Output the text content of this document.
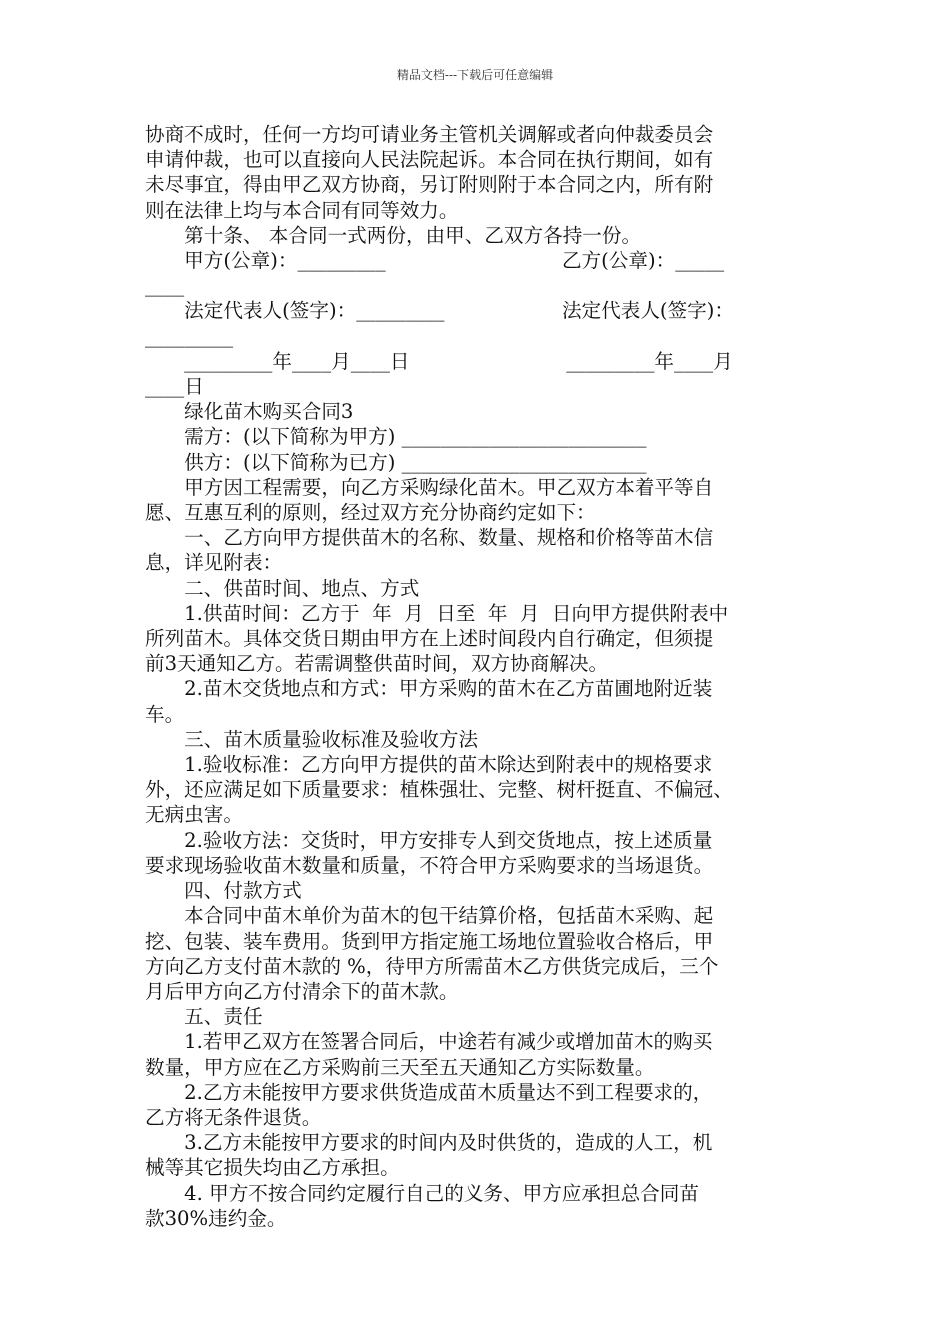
精品文档---下载后可任意编辑

协商不成时，任何一方均可请业务主管机关调解或者向仲裁委员会

申请仲裁，也可以直接向人民法院起诉。本合同在执行期间，如有

未尽事宜，得由甲乙双方协商，另订附则附于本合同之内，所有附

则在法律上均与本合同有同等效力。

　　第十条、 本合同一式两份，由甲、乙双方各持一份。

　　甲方(公章)：_________　　　　　　　　　乙方(公章)：_____

____

　　法定代表人(签字)：_________　　　　　　法定代表人(签字)：

_________

　　_________年____月____日　　　　　　　　_________年____月

____日

　　绿化苗木购买合同3

　　需方：(以下简称为甲方) _________________________

　　供方：(以下简称为已方) _________________________

　　甲方因工程需要，向乙方采购绿化苗木。甲乙双方本着平等自

愿、互惠互利的原则，经过双方充分协商约定如下：

　　一、乙方向甲方提供苗木的名称、数量、规格和价格等苗木信

息，详见附表：

　　二、供苗时间、地点、方式

　　1.供苗时间：乙方于  年  月  日至  年  月  日向甲方提供附表中

所列苗木。具体交货日期由甲方在上述时间段内自行确定，但须提

前3天通知乙方。若需调整供苗时间，双方协商解决。

　　2.苗木交货地点和方式：甲方采购的苗木在乙方苗圃地附近装

车。

　　三、苗木质量验收标准及验收方法

　　1.验收标准：乙方向甲方提供的苗木除达到附表中的规格要求

外，还应满足如下质量要求：植株强壮、完整、树杆挺直、不偏冠、

无病虫害。

　　2.验收方法：交货时，甲方安排专人到交货地点，按上述质量

要求现场验收苗木数量和质量，不符合甲方采购要求的当场退货。

　　四、付款方式

　　本合同中苗木单价为苗木的包干结算价格，包括苗木采购、起

挖、包装、装车费用。货到甲方指定施工场地位置验收合格后，甲

方向乙方支付苗木款的 %，待甲方所需苗木乙方供货完成后，三个

月后甲方向乙方付清余下的苗木款。

　　五、责任

　　1.若甲乙双方在签署合同后，中途若有减少或增加苗木的购买

数量，甲方应在乙方采购前三天至五天通知乙方实际数量。

　　2.乙方未能按甲方要求供货造成苗木质量达不到工程要求的，

乙方将无条件退货。

　　3.乙方未能按甲方要求的时间内及时供货的，造成的人工，机

械等其它损失均由乙方承担。

　　4. 甲方不按合同约定履行自己的义务、甲方应承担总合同苗

款30%违约金。
